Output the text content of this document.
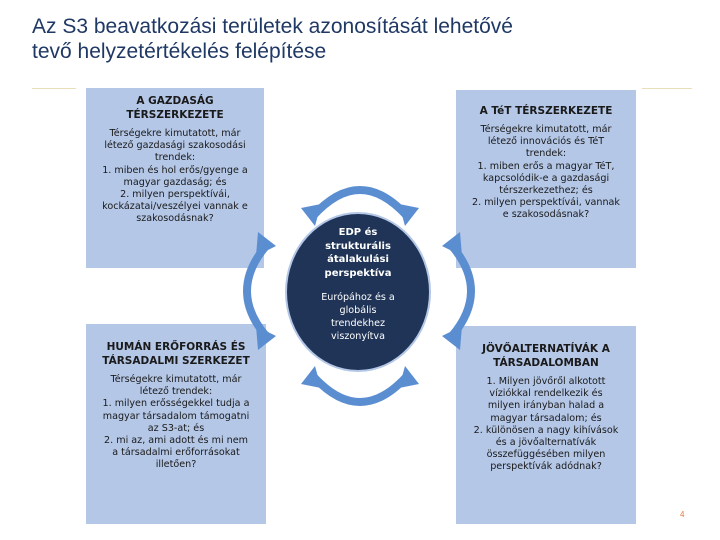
Az S3 beavatkozási területek azonosítását lehetővé
tevő helyzetértékelés felépítése
A GAZDASÁG
TÉRSZERKEZETE
Térségekre kimutatott, már
létező gazdasági szakosodási
trendek:
1. miben és hol erős/gyenge a
magyar gazdaság; és
2. milyen perspektívái,
kockázatai/veszélyei vannak e
szakosodásnak?
A TéT TÉRSZERKEZETE
Térségekre kimutatott, már
létező innovációs és TéT
trendek:
1. miben erős a magyar TéT,
kapcsolódik-e a gazdasági
térszerkezethez; és
2. milyen perspektívái, vannak
e szakosodásnak?
HUMÁN ERŐFORRÁS ÉS
TÁRSADALMI SZERKEZET
Térségekre kimutatott, már
létező trendek:
1. milyen erősségekkel tudja a
magyar társadalom támogatni
az S3-at; és
2. mi az, ami adott és mi nem
a társadalmi erőforrásokat
illetően?
JÖVŐALTERNATÍVÁK A
TÁRSADALOMBAN
1. Milyen jövőről alkotott
víziókkal rendelkezik és
milyen irányban halad a
magyar társadalom; és
2. különösen a nagy kihívások
és a jövőalternatívák
összefüggésében milyen
perspektívák adódnak?
EDP és
strukturális
átalakulási
perspektíva
Európához és a
globális
trendekhez
viszonyítva
4
